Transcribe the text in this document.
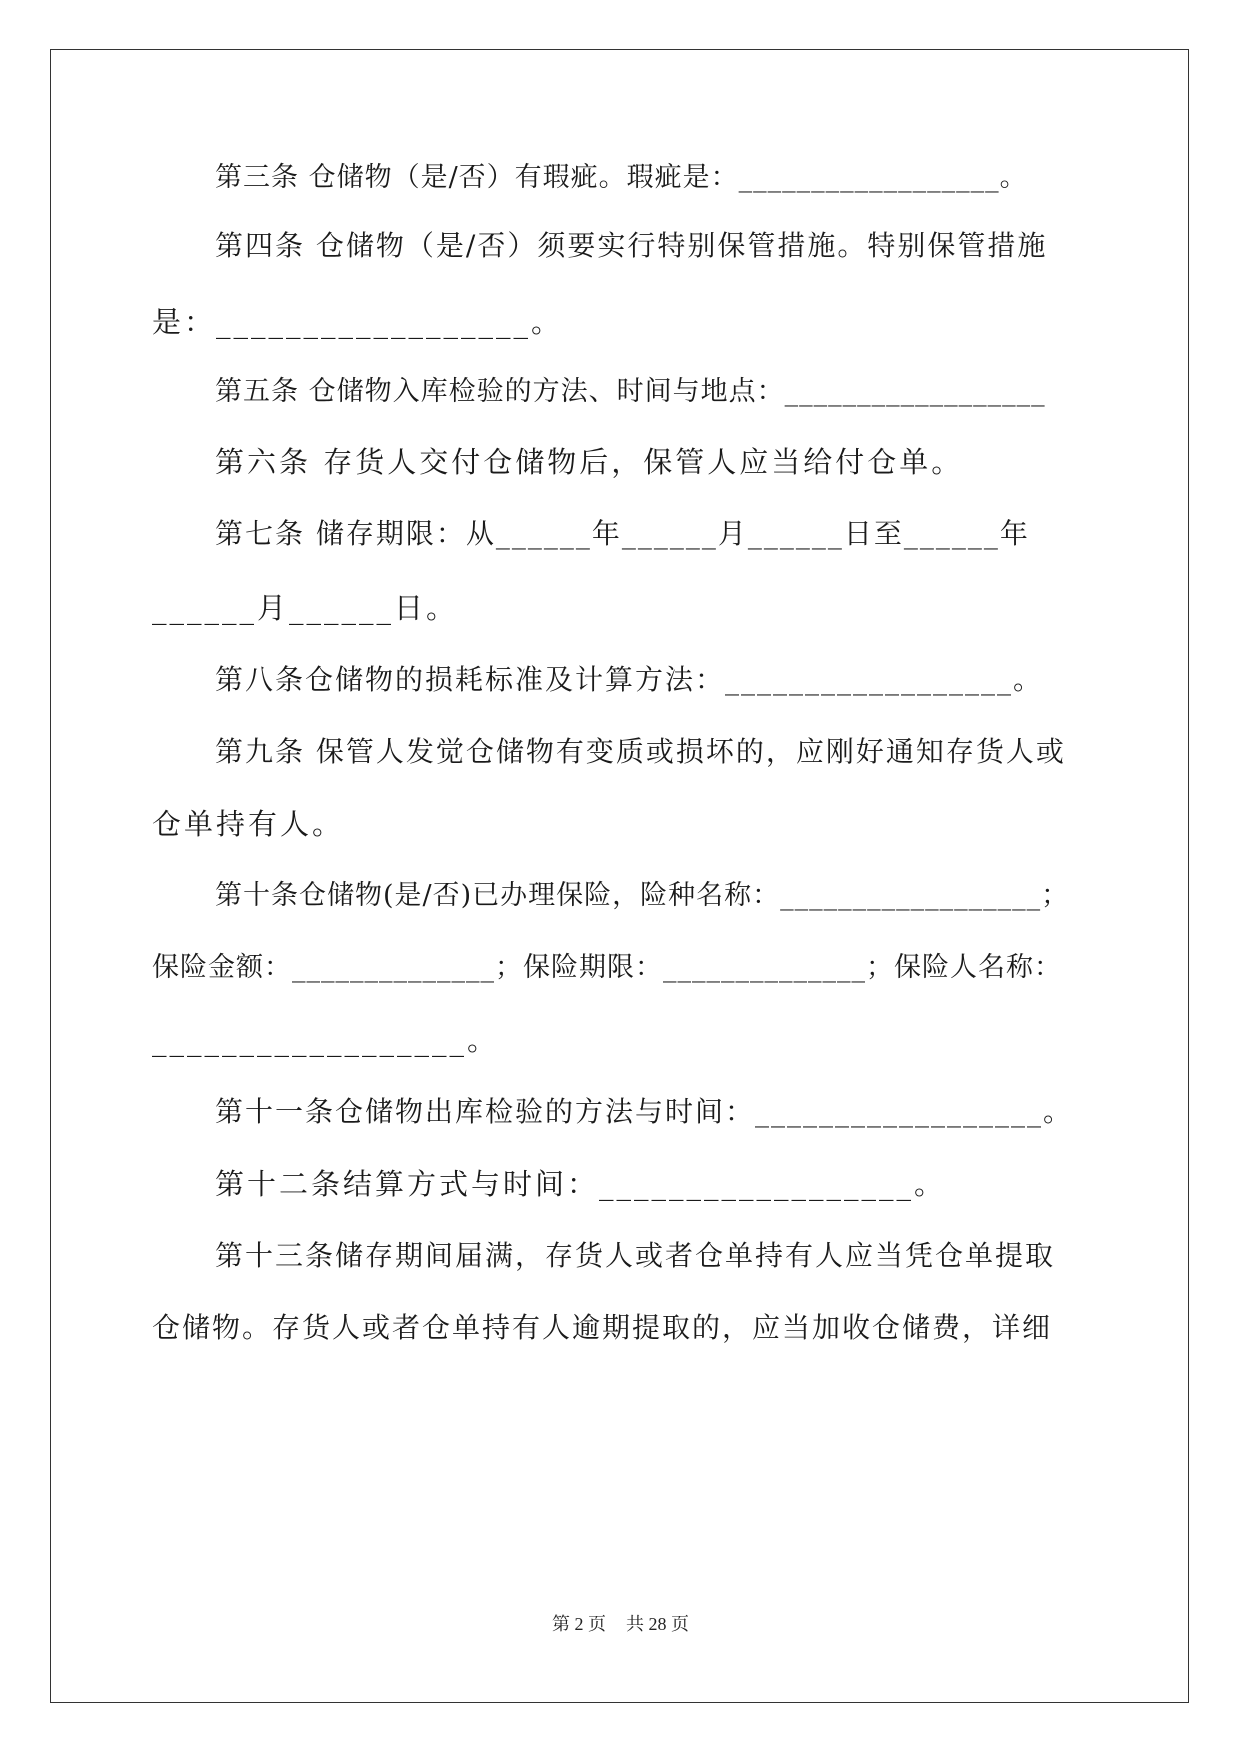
第三条 仓储物（是/否）有瑕疵。瑕疵是：__________________。
第四条 仓储物（是/否）须要实行特别保管措施。特别保管措施
是：__________________。
第五条 仓储物入库检验的方法、时间与地点：__________________
第六条 存货人交付仓储物后，保管人应当给付仓单。
第七条 储存期限：从______年______月______日至______年
______月______日。
第八条仓储物的损耗标准及计算方法：__________________。
第九条 保管人发觉仓储物有变质或损坏的，应刚好通知存货人或
仓单持有人。
第十条仓储物(是/否)已办理保险，险种名称：__________________；
保险金额：______________；保险期限：______________；保险人名称：
__________________。
第十一条仓储物出库检验的方法与时间：__________________。
第十二条结算方式与时间：__________________。
第十三条储存期间届满，存货人或者仓单持有人应当凭仓单提取
仓储物。存货人或者仓单持有人逾期提取的，应当加收仓储费，详细
第 2 页 共 28 页
